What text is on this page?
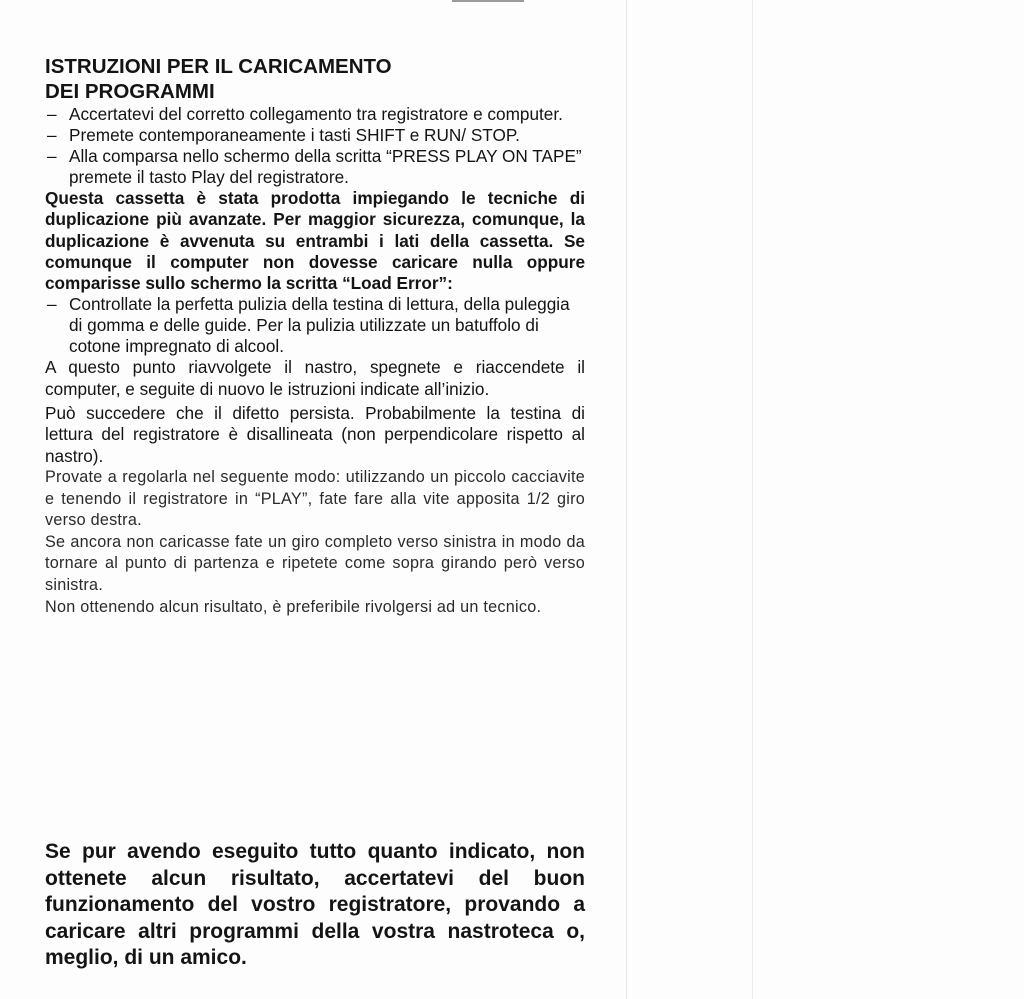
ISTRUZIONI PER IL CARICAMENTO
DEI PROGRAMMI
– Accertatevi del corretto collegamento tra registratore e computer.
– Premete contemporaneamente i tasti SHIFT e RUN/ STOP.
– Alla comparsa nello schermo della scritta “PRESS PLAY ON TAPE” premete il tasto Play del registratore.

Questa cassetta è stata prodotta impiegando le tecniche di duplicazione più avanzate. Per maggior sicurezza, comunque, la duplicazione è avvenuta su entrambi i lati della cassetta. Se comunque il computer non dovesse caricare nulla oppure comparisse sullo schermo la scritta “Load Error”:

– Controllate la perfetta pulizia della testina di lettura, della puleggia di gomma e delle guide. Per la pulizia utilizzate un batuffolo di cotone impregnato di alcool.

A questo punto riavvolgete il nastro, spegnete e riaccendete il computer, e seguite di nuovo le istruzioni indicate all’inizio.

Può succedere che il difetto persista. Probabilmente la testina di lettura del registratore è disallineata (non perpendicolare rispetto al nastro).

Provate a regolarla nel seguente modo: utilizzando un piccolo cacciavite e tenendo il registratore in “PLAY”, fate fare alla vite apposita 1/2 giro verso destra.

Se ancora non caricasse fate un giro completo verso sinistra in modo da tornare al punto di partenza e ripetete come sopra girando però verso sinistra.

Non ottenendo alcun risultato, è preferibile rivolgersi ad un tecnico.

Se pur avendo eseguito tutto quanto indicato, non ottenete alcun risultato, accertatevi del buon funzionamento del vostro registratore, provando a caricare altri programmi della vostra nastroteca o, meglio, di un amico.
